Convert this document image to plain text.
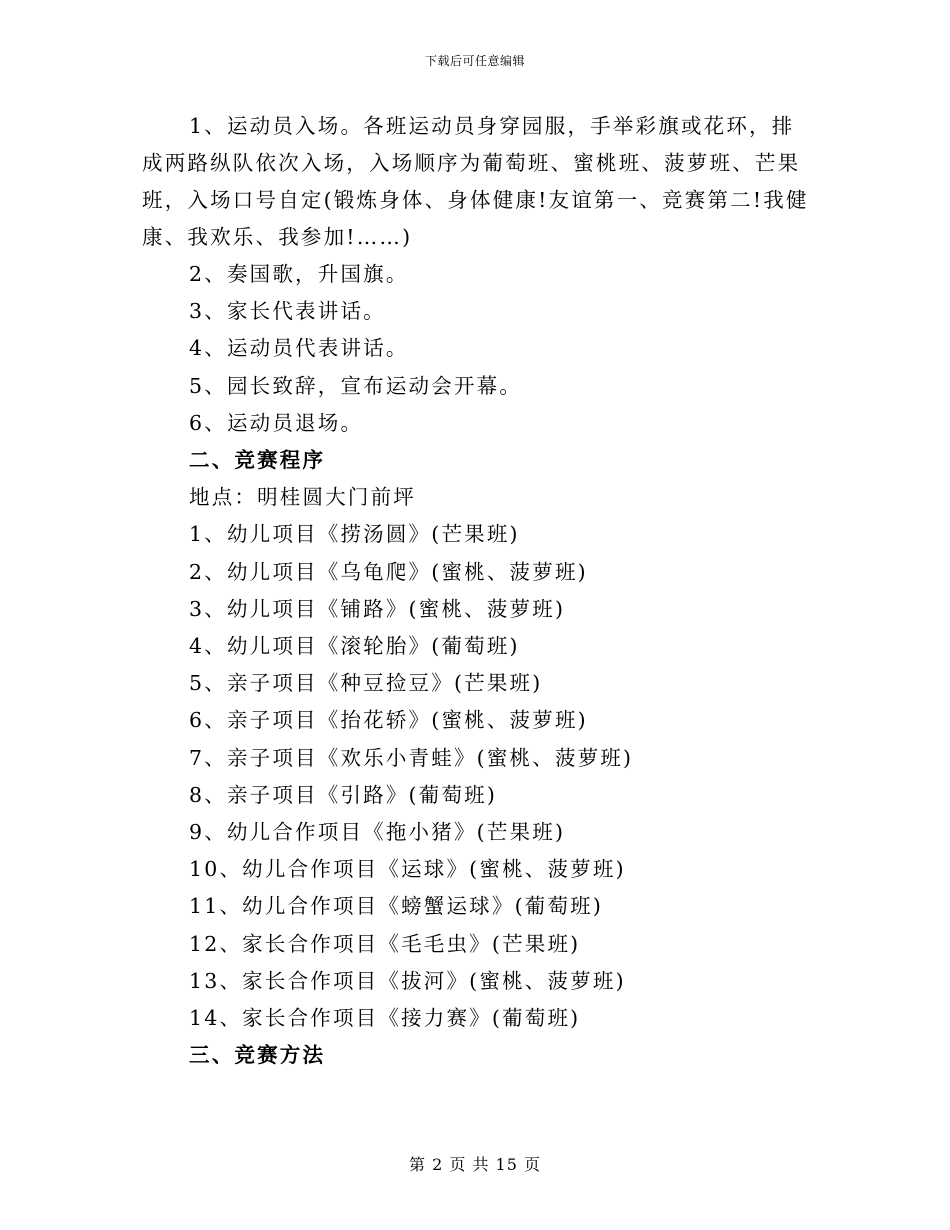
下载后可任意编辑

1、运动员入场。各班运动员身穿园服，手举彩旗或花环，排成两路纵队依次入场，入场顺序为葡萄班、蜜桃班、菠萝班、芒果班，入场口号自定(锻炼身体、身体健康!友谊第一、竞赛第二!我健康、我欢乐、我参加!……)

2、奏国歌，升国旗。

3、家长代表讲话。

4、运动员代表讲话。

5、园长致辞，宣布运动会开幕。

6、运动员退场。

二、竞赛程序

地点：明桂圆大门前坪

1、幼儿项目《捞汤圆》(芒果班)

2、幼儿项目《乌龟爬》(蜜桃、菠萝班)

3、幼儿项目《铺路》(蜜桃、菠萝班)

4、幼儿项目《滚轮胎》(葡萄班)

5、亲子项目《种豆捡豆》(芒果班)

6、亲子项目《抬花轿》(蜜桃、菠萝班)

7、亲子项目《欢乐小青蛙》(蜜桃、菠萝班)

8、亲子项目《引路》(葡萄班)

9、幼儿合作项目《拖小猪》(芒果班)

10、幼儿合作项目《运球》(蜜桃、菠萝班)

11、幼儿合作项目《螃蟹运球》(葡萄班)

12、家长合作项目《毛毛虫》(芒果班)

13、家长合作项目《拔河》(蜜桃、菠萝班)

14、家长合作项目《接力赛》(葡萄班)

三、竞赛方法

第 2 页 共 15 页
